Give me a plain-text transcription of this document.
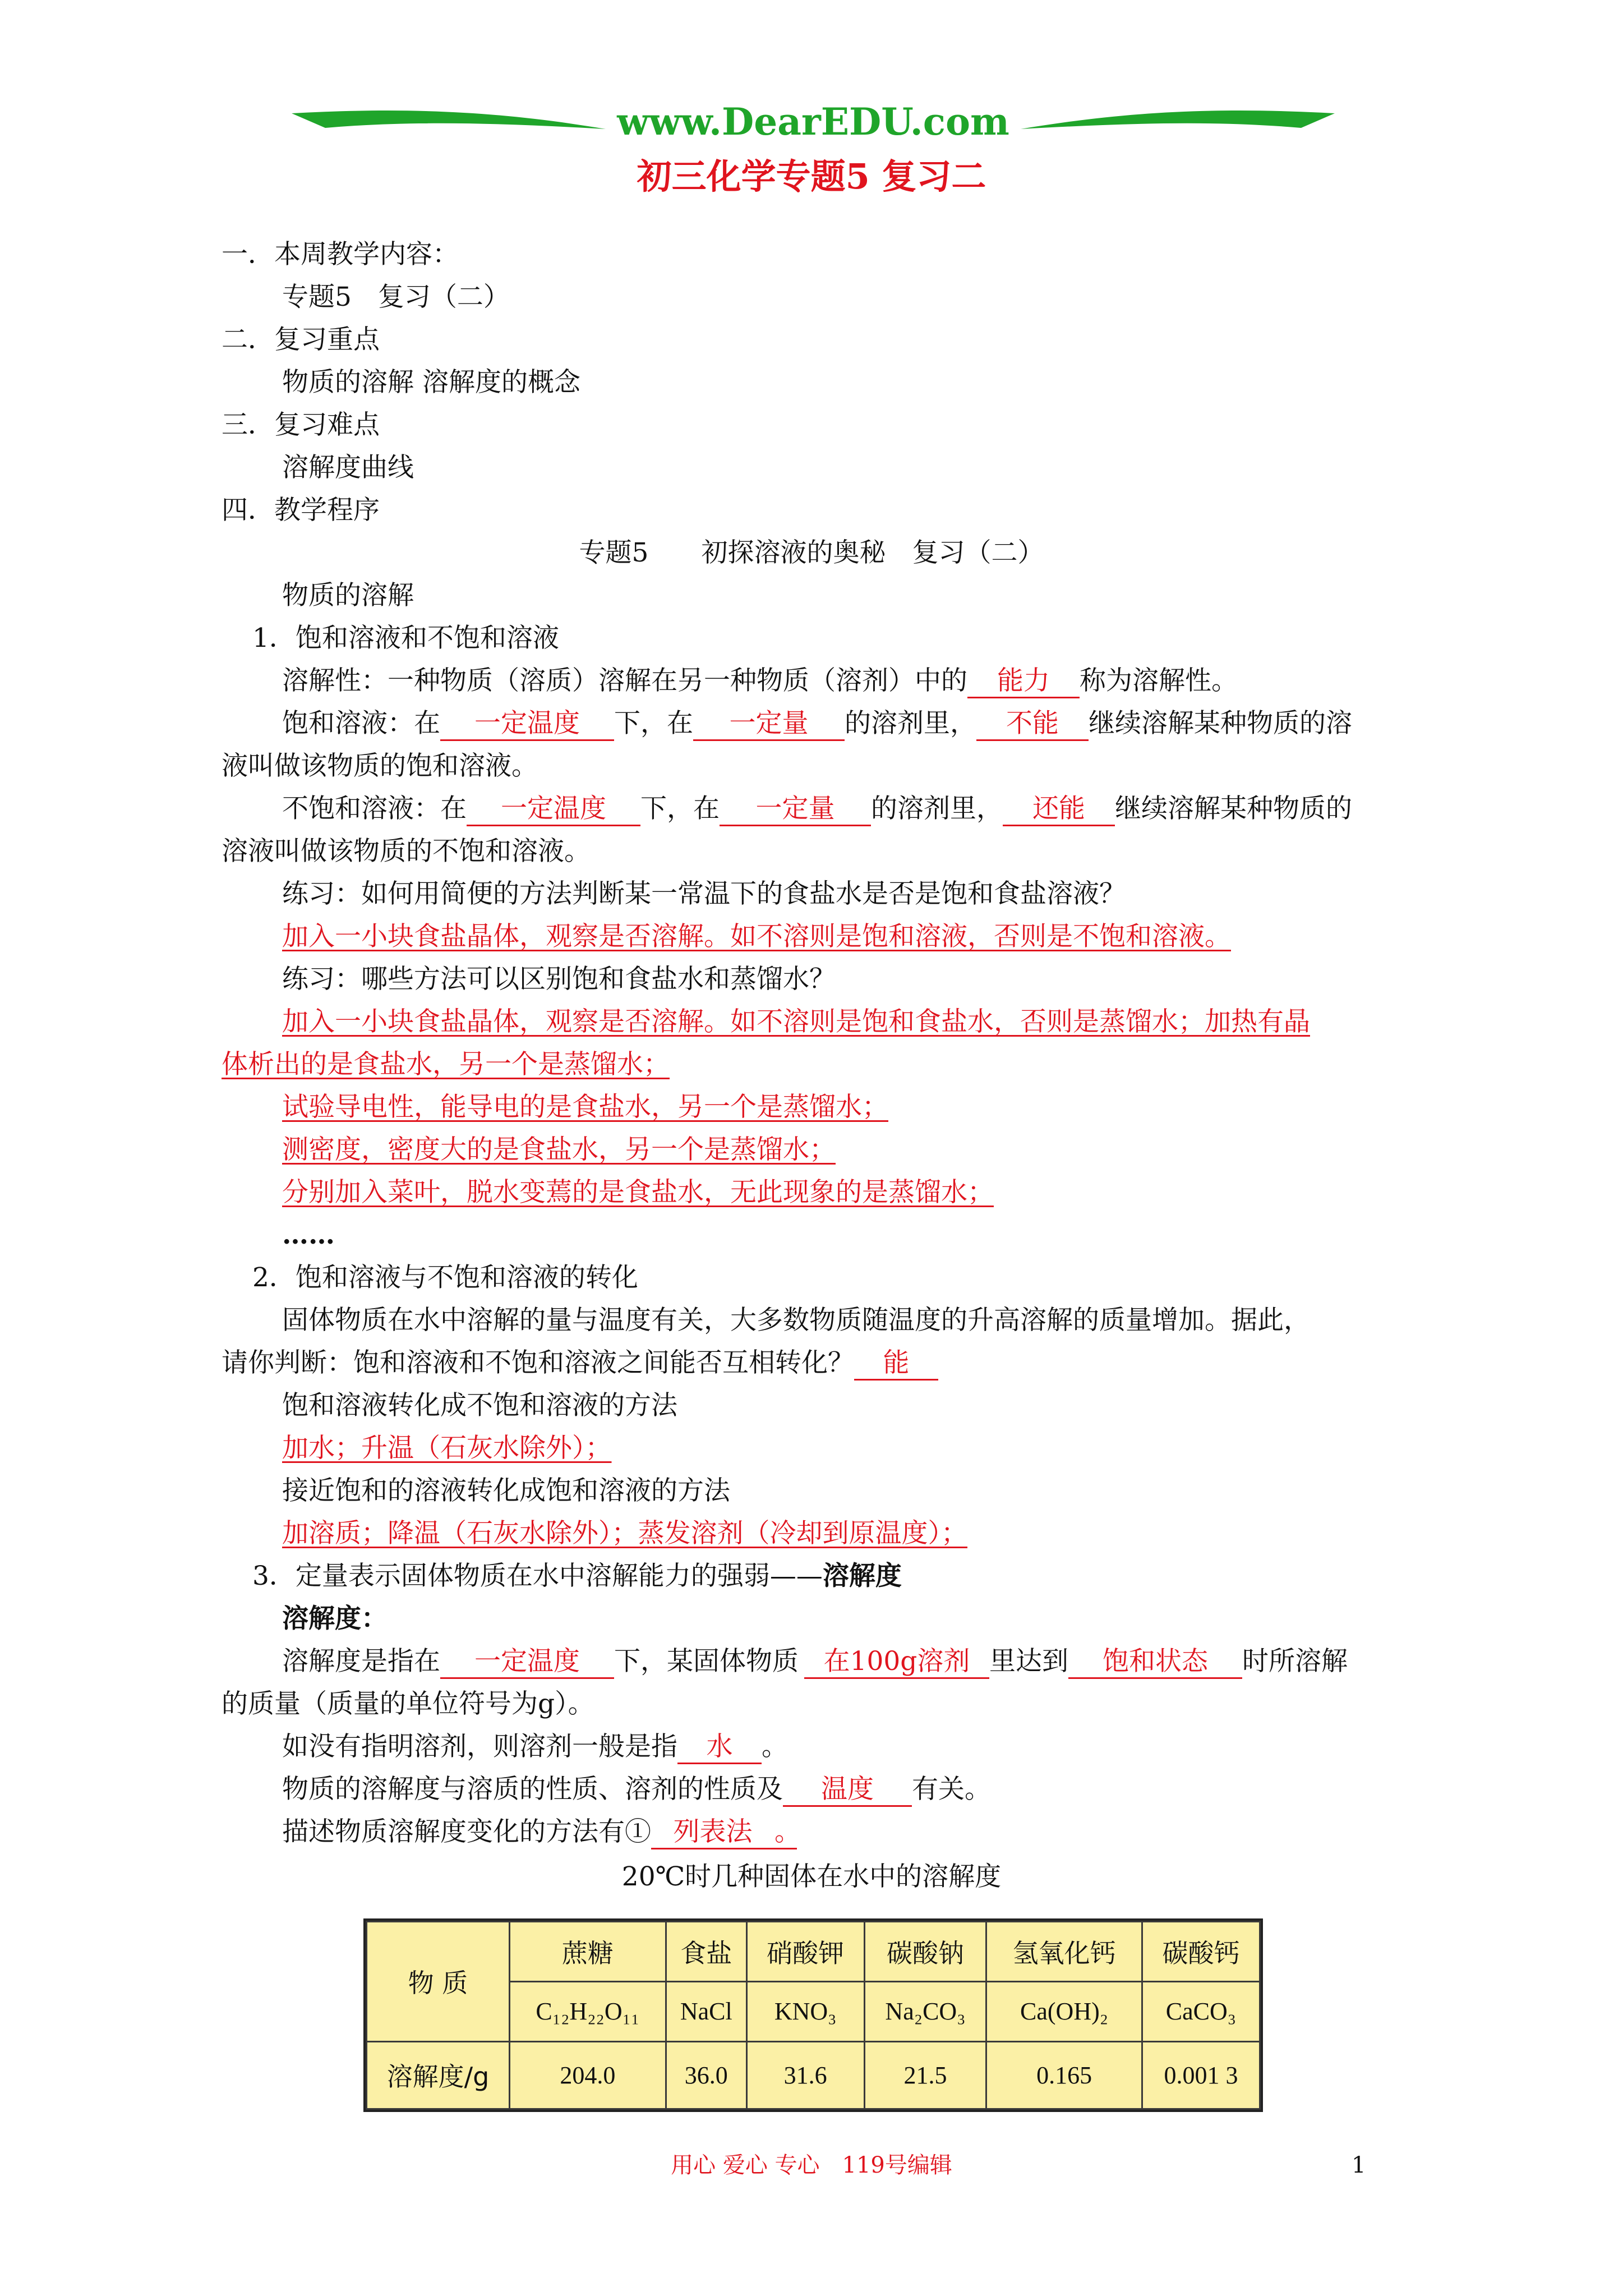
www.DearEDU.com
初三化学专题5 复习二
一．本周教学内容：
专题5　复习（二）
二．复习重点
物质的溶解 溶解度的概念
三．复习难点
溶解度曲线
四．教学程序
专题5　　初探溶液的奥秘　复习（二）
物质的溶解
1．饱和溶液和不饱和溶液
溶解性：一种物质（溶质）溶解在另一种物质（溶剂）中的 能力 称为溶解性。
饱和溶液：在 一定温度 下，在 一定量 的溶剂里， 不能 继续溶解某种物质的溶
液叫做该物质的饱和溶液。
不饱和溶液：在 一定温度 下，在 一定量 的溶剂里， 还能 继续溶解某种物质的
溶液叫做该物质的不饱和溶液。
练习：如何用简便的方法判断某一常温下的食盐水是否是饱和食盐溶液？
加入一小块食盐晶体，观察是否溶解。如不溶则是饱和溶液，否则是不饱和溶液。
练习：哪些方法可以区别饱和食盐水和蒸馏水？
加入一小块食盐晶体，观察是否溶解。如不溶则是饱和食盐水，否则是蒸馏水；加热有晶
体析出的是食盐水，另一个是蒸馏水；
试验导电性，能导电的是食盐水，另一个是蒸馏水；
测密度，密度大的是食盐水，另一个是蒸馏水；
分别加入菜叶，脱水变蔫的是食盐水，无此现象的是蒸馏水；
……
2．饱和溶液与不饱和溶液的转化
固体物质在水中溶解的量与温度有关，大多数物质随温度的升高溶解的质量增加。据此，
请你判断：饱和溶液和不饱和溶液之间能否互相转化？ 能
饱和溶液转化成不饱和溶液的方法
加水；升温（石灰水除外）；
接近饱和的溶液转化成饱和溶液的方法
加溶质；降温（石灰水除外）；蒸发溶剂（冷却到原温度）；
3．定量表示固体物质在水中溶解能力的强弱——溶解度
溶解度：
溶解度是指在 一定温度 下，某固体物质 在100g溶剂 里达到 饱和状态 时所溶解
的质量（质量的单位符号为g）。
如没有指明溶剂，则溶剂一般是指 水 。
物质的溶解度与溶质的性质、溶剂的性质及 温度 有关。
描述物质溶解度变化的方法有① 列表法 。
20℃时几种固体在水中的溶解度
物 质	蔗糖	食盐	硝酸钾	碳酸钠	氢氧化钙	碳酸钙
	C₁₂H₂₂O₁₁	NaCl	KNO₃	Na₂CO₃	Ca(OH)₂	CaCO₃
溶解度/g	204.0	36.0	31.6	21.5	0.165	0.001 3
用心 爱心 专心　119号编辑	1
